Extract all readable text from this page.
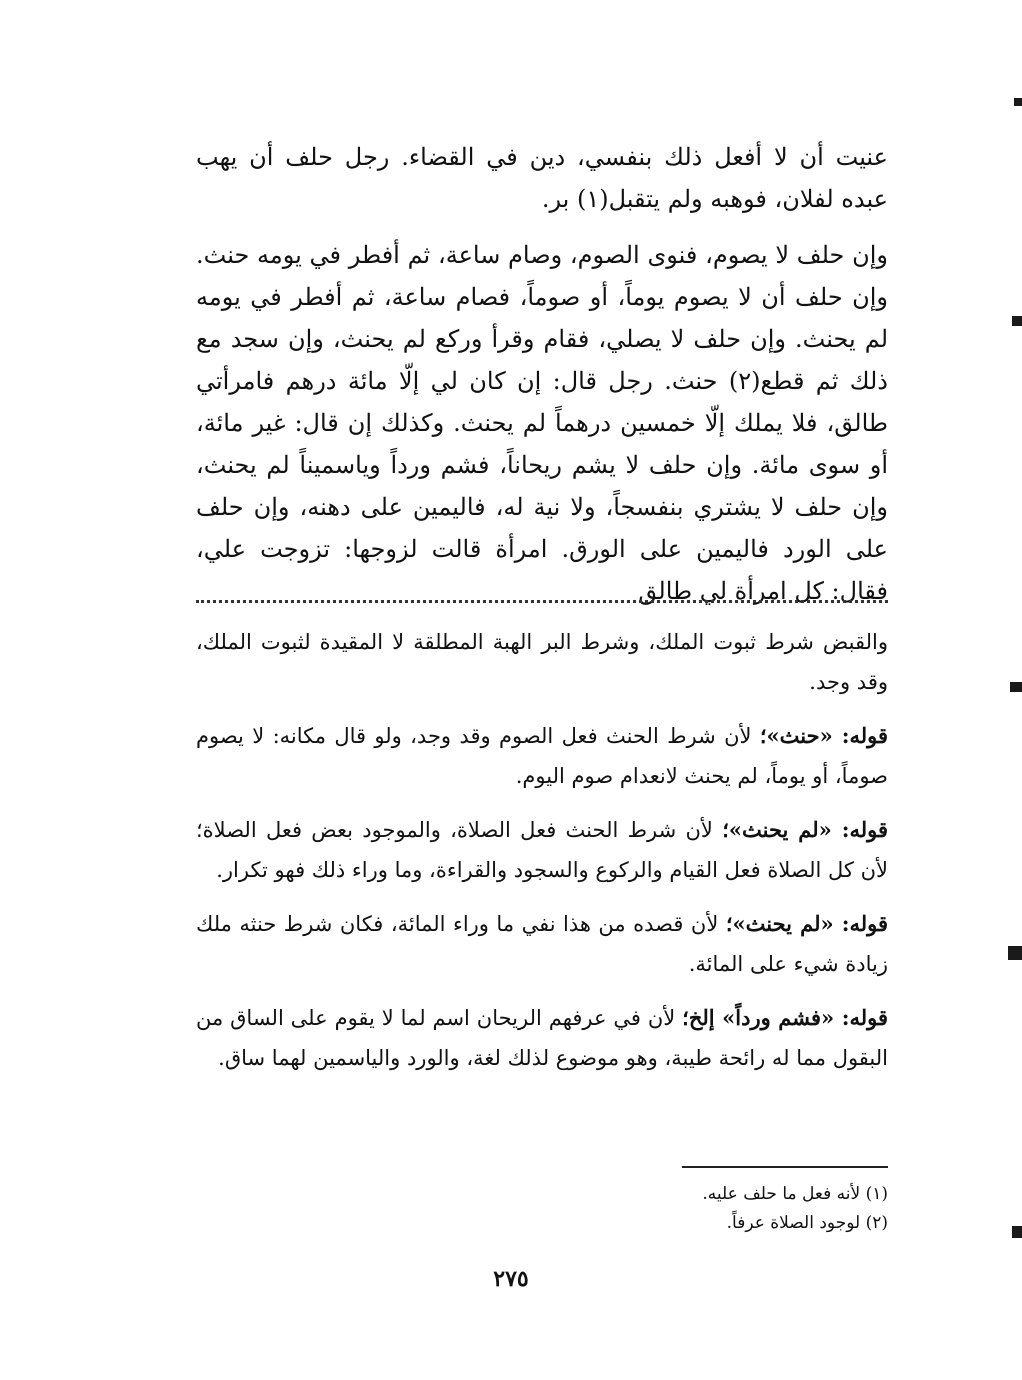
عنيت أن لا أفعل ذلك بنفسي، دين في القضاء. رجل حلف أن يهب عبده لفلان، فوهبه ولم يتقبل(١) بر.

وإن حلف لا يصوم، فنوى الصوم، وصام ساعة، ثم أفطر في يومه حنث. وإن حلف أن لا يصوم يوماً، أو صوماً، فصام ساعة، ثم أفطر في يومه لم يحنث. وإن حلف لا يصلي، فقام وقرأ وركع لم يحنث، وإن سجد مع ذلك ثم قطع(٢) حنث. رجل قال: إن كان لي إلّا مائة درهم فامرأتي طالق، فلا يملك إلّا خمسين درهماً لم يحنث. وكذلك إن قال: غير مائة، أو سوى مائة. وإن حلف لا يشم ريحاناً، فشم ورداً وياسميناً لم يحنث، وإن حلف لا يشتري بنفسجاً، ولا نية له، فاليمين على دهنه، وإن حلف على الورد فاليمين على الورق. امرأة قالت لزوجها: تزوجت علي، فقال: كل امرأة لي طالق

والقبض شرط ثبوت الملك، وشرط البر الهبة المطلقة لا المقيدة لثبوت الملك، وقد وجد.

قوله: «حنث»؛ لأن شرط الحنث فعل الصوم وقد وجد، ولو قال مكانه: لا يصوم صوماً، أو يوماً، لم يحنث لانعدام صوم اليوم.

قوله: «لم يحنث»؛ لأن شرط الحنث فعل الصلاة، والموجود بعض فعل الصلاة؛ لأن كل الصلاة فعل القيام والركوع والسجود والقراءة، وما وراء ذلك فهو تكرار.

قوله: «لم يحنث»؛ لأن قصده من هذا نفي ما وراء المائة، فكان شرط حنثه ملك زيادة شيء على المائة.

قوله: «فشم ورداً» إلخ؛ لأن في عرفهم الريحان اسم لما لا يقوم على الساق من البقول مما له رائحة طيبة، وهو موضوع لذلك لغة، والورد والياسمين لهما ساق.

(١) لأنه فعل ما حلف عليه.

(٢) لوجود الصلاة عرفاً.

٢٧٥
